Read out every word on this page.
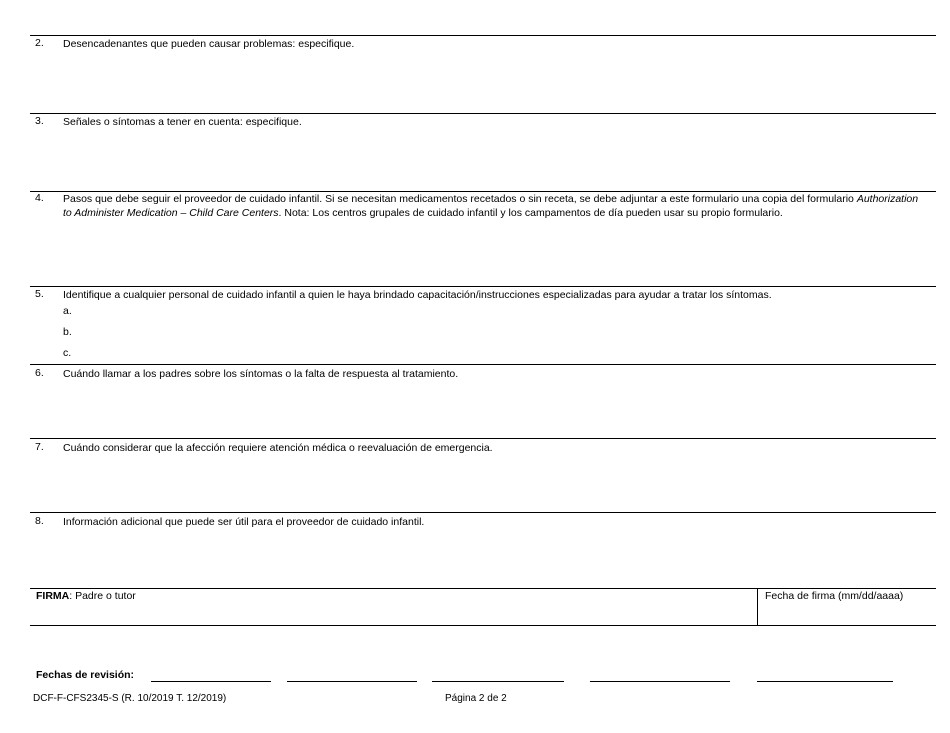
2. Desencadenantes que pueden causar problemas: especifique.
3. Señales o síntomas a tener en cuenta: especifique.
4. Pasos que debe seguir el proveedor de cuidado infantil. Si se necesitan medicamentos recetados o sin receta, se debe adjuntar a este formulario una copia del formulario Authorization to Administer Medication – Child Care Centers. Nota: Los centros grupales de cuidado infantil y los campamentos de día pueden usar su propio formulario.
5. Identifique a cualquier personal de cuidado infantil a quien le haya brindado capacitación/instrucciones especializadas para ayudar a tratar los síntomas.
a.
b.
c.
6. Cuándo llamar a los padres sobre los síntomas o la falta de respuesta al tratamiento.
7. Cuándo considerar que la afección requiere atención médica o reevaluación de emergencia.
8. Información adicional que puede ser útil para el proveedor de cuidado infantil.
FIRMA: Padre o tutor	Fecha de firma (mm/dd/aaaa)
Fechas de revisión:
DCF-F-CFS2345-S (R. 10/2019 T. 12/2019)	Página 2 de 2
